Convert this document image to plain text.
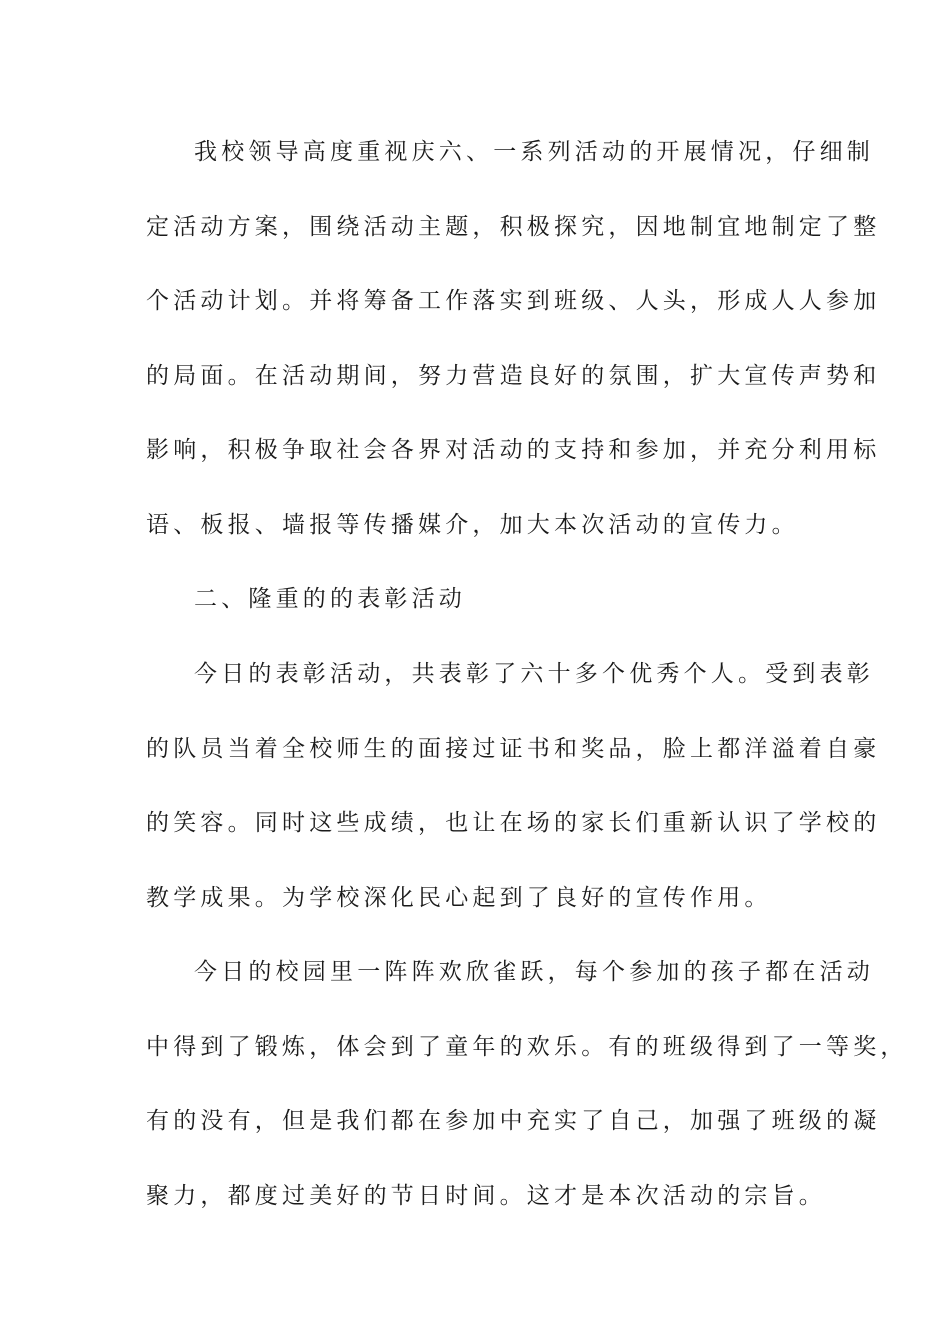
我校领导高度重视庆六、一系列活动的开展情况，仔细制
定活动方案，围绕活动主题，积极探究，因地制宜地制定了整
个活动计划。并将筹备工作落实到班级、人头，形成人人参加
的局面。在活动期间，努力营造良好的氛围，扩大宣传声势和
影响，积极争取社会各界对活动的支持和参加，并充分利用标
语、板报、墙报等传播媒介，加大本次活动的宣传力。
二、隆重的的表彰活动
今日的表彰活动，共表彰了六十多个优秀个人。受到表彰
的队员当着全校师生的面接过证书和奖品，脸上都洋溢着自豪
的笑容。同时这些成绩，也让在场的家长们重新认识了学校的
教学成果。为学校深化民心起到了良好的宣传作用。
今日的校园里一阵阵欢欣雀跃，每个参加的孩子都在活动
中得到了锻炼，体会到了童年的欢乐。有的班级得到了一等奖，
有的没有，但是我们都在参加中充实了自己，加强了班级的凝
聚力，都度过美好的节日时间。这才是本次活动的宗旨。
